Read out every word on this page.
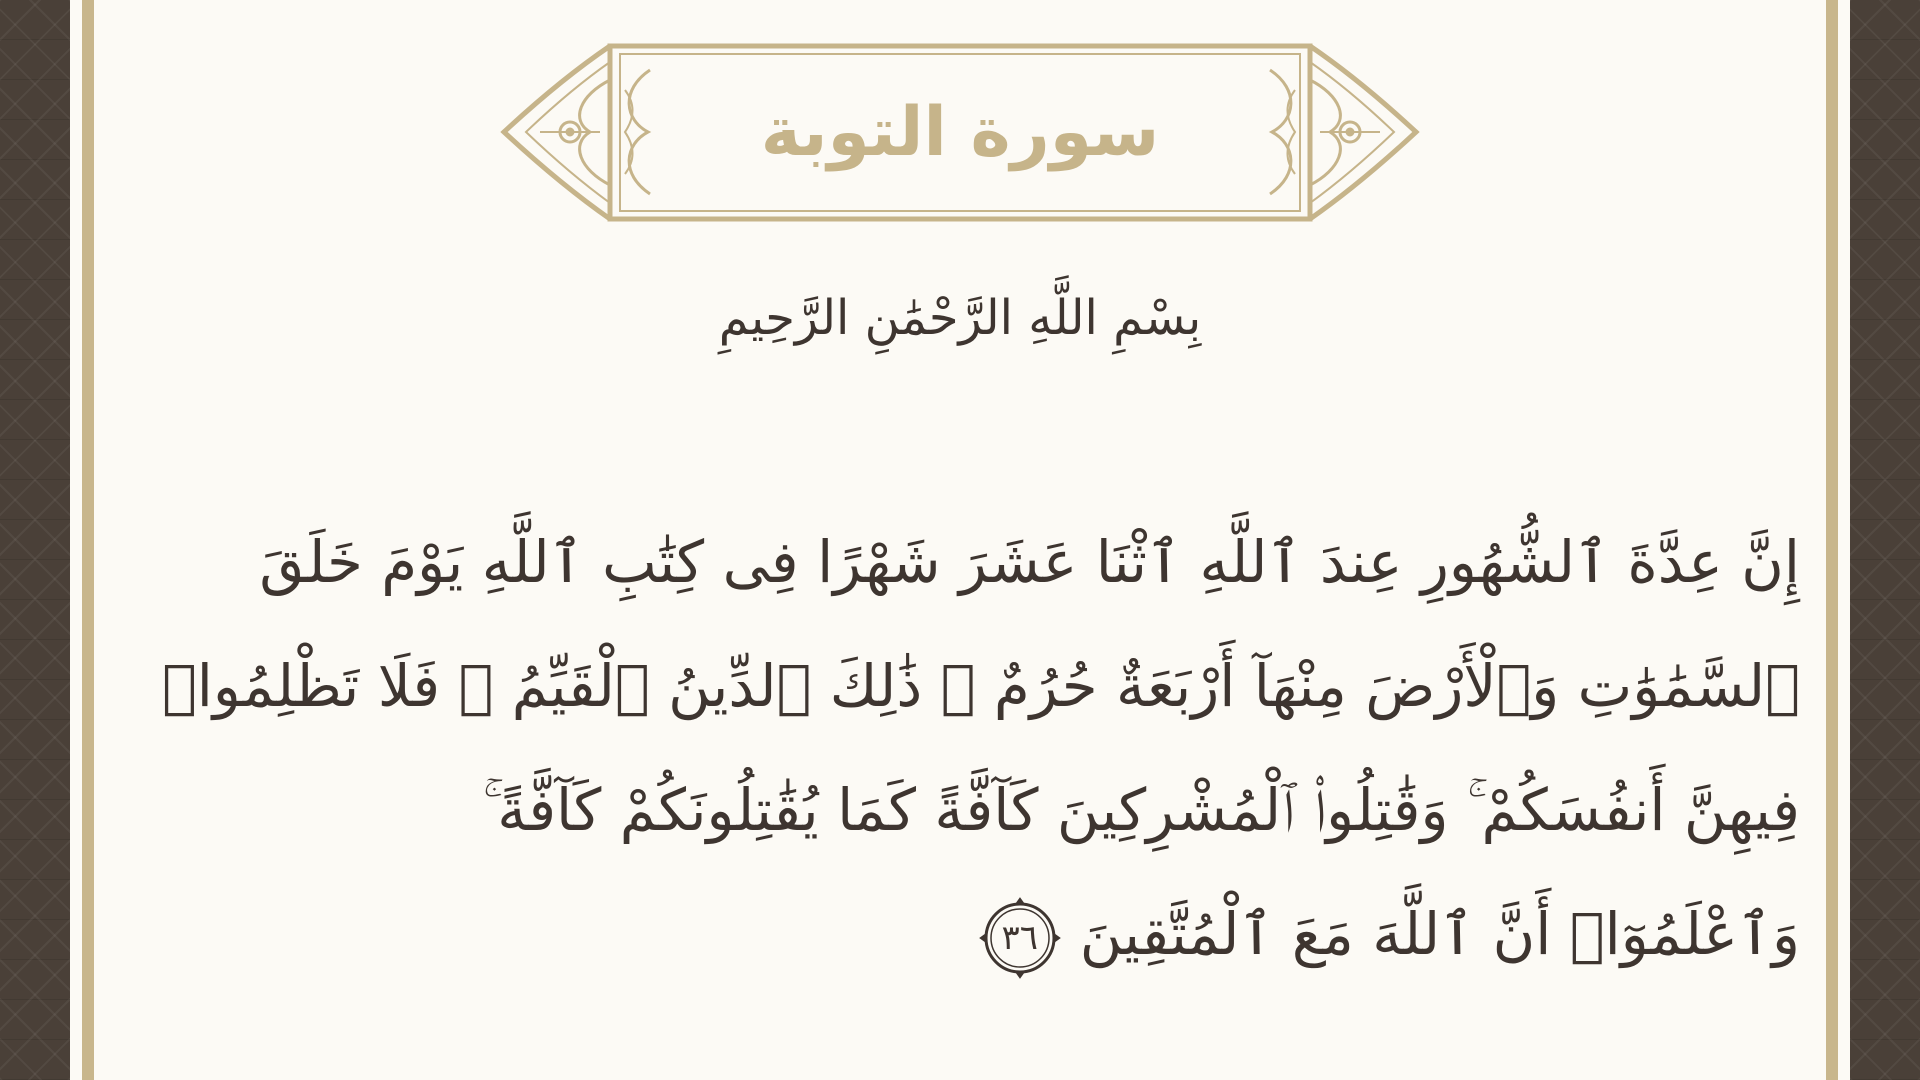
سورة التوبة
بِسْمِ اللَّهِ الرَّحْمَٰنِ الرَّحِيمِ
إِنَّ عِدَّةَ ٱلشُّهُورِ عِندَ ٱللَّهِ ٱثْنَا عَشَرَ شَهْرًا فِى كِتَٰبِ ٱللَّهِ يَوْمَ خَلَقَ
ٱلسَّمَٰوَٰتِ وَٱلْأَرْضَ مِنْهَآ أَرْبَعَةٌ حُرُمٌ ۚ ذَٰلِكَ ٱلدِّينُ ٱلْقَيِّمُ ۚ فَلَا تَظْلِمُوا۟
فِيهِنَّ أَنفُسَكُمْ ۚ وَقَٰتِلُوا۟ ٱلْمُشْرِكِينَ كَآفَّةً كَمَا يُقَٰتِلُونَكُمْ كَآفَّةً ۚ
وَٱعْلَمُوٓا۟ أَنَّ ٱللَّهَ مَعَ ٱلْمُتَّقِينَ
٣٦
